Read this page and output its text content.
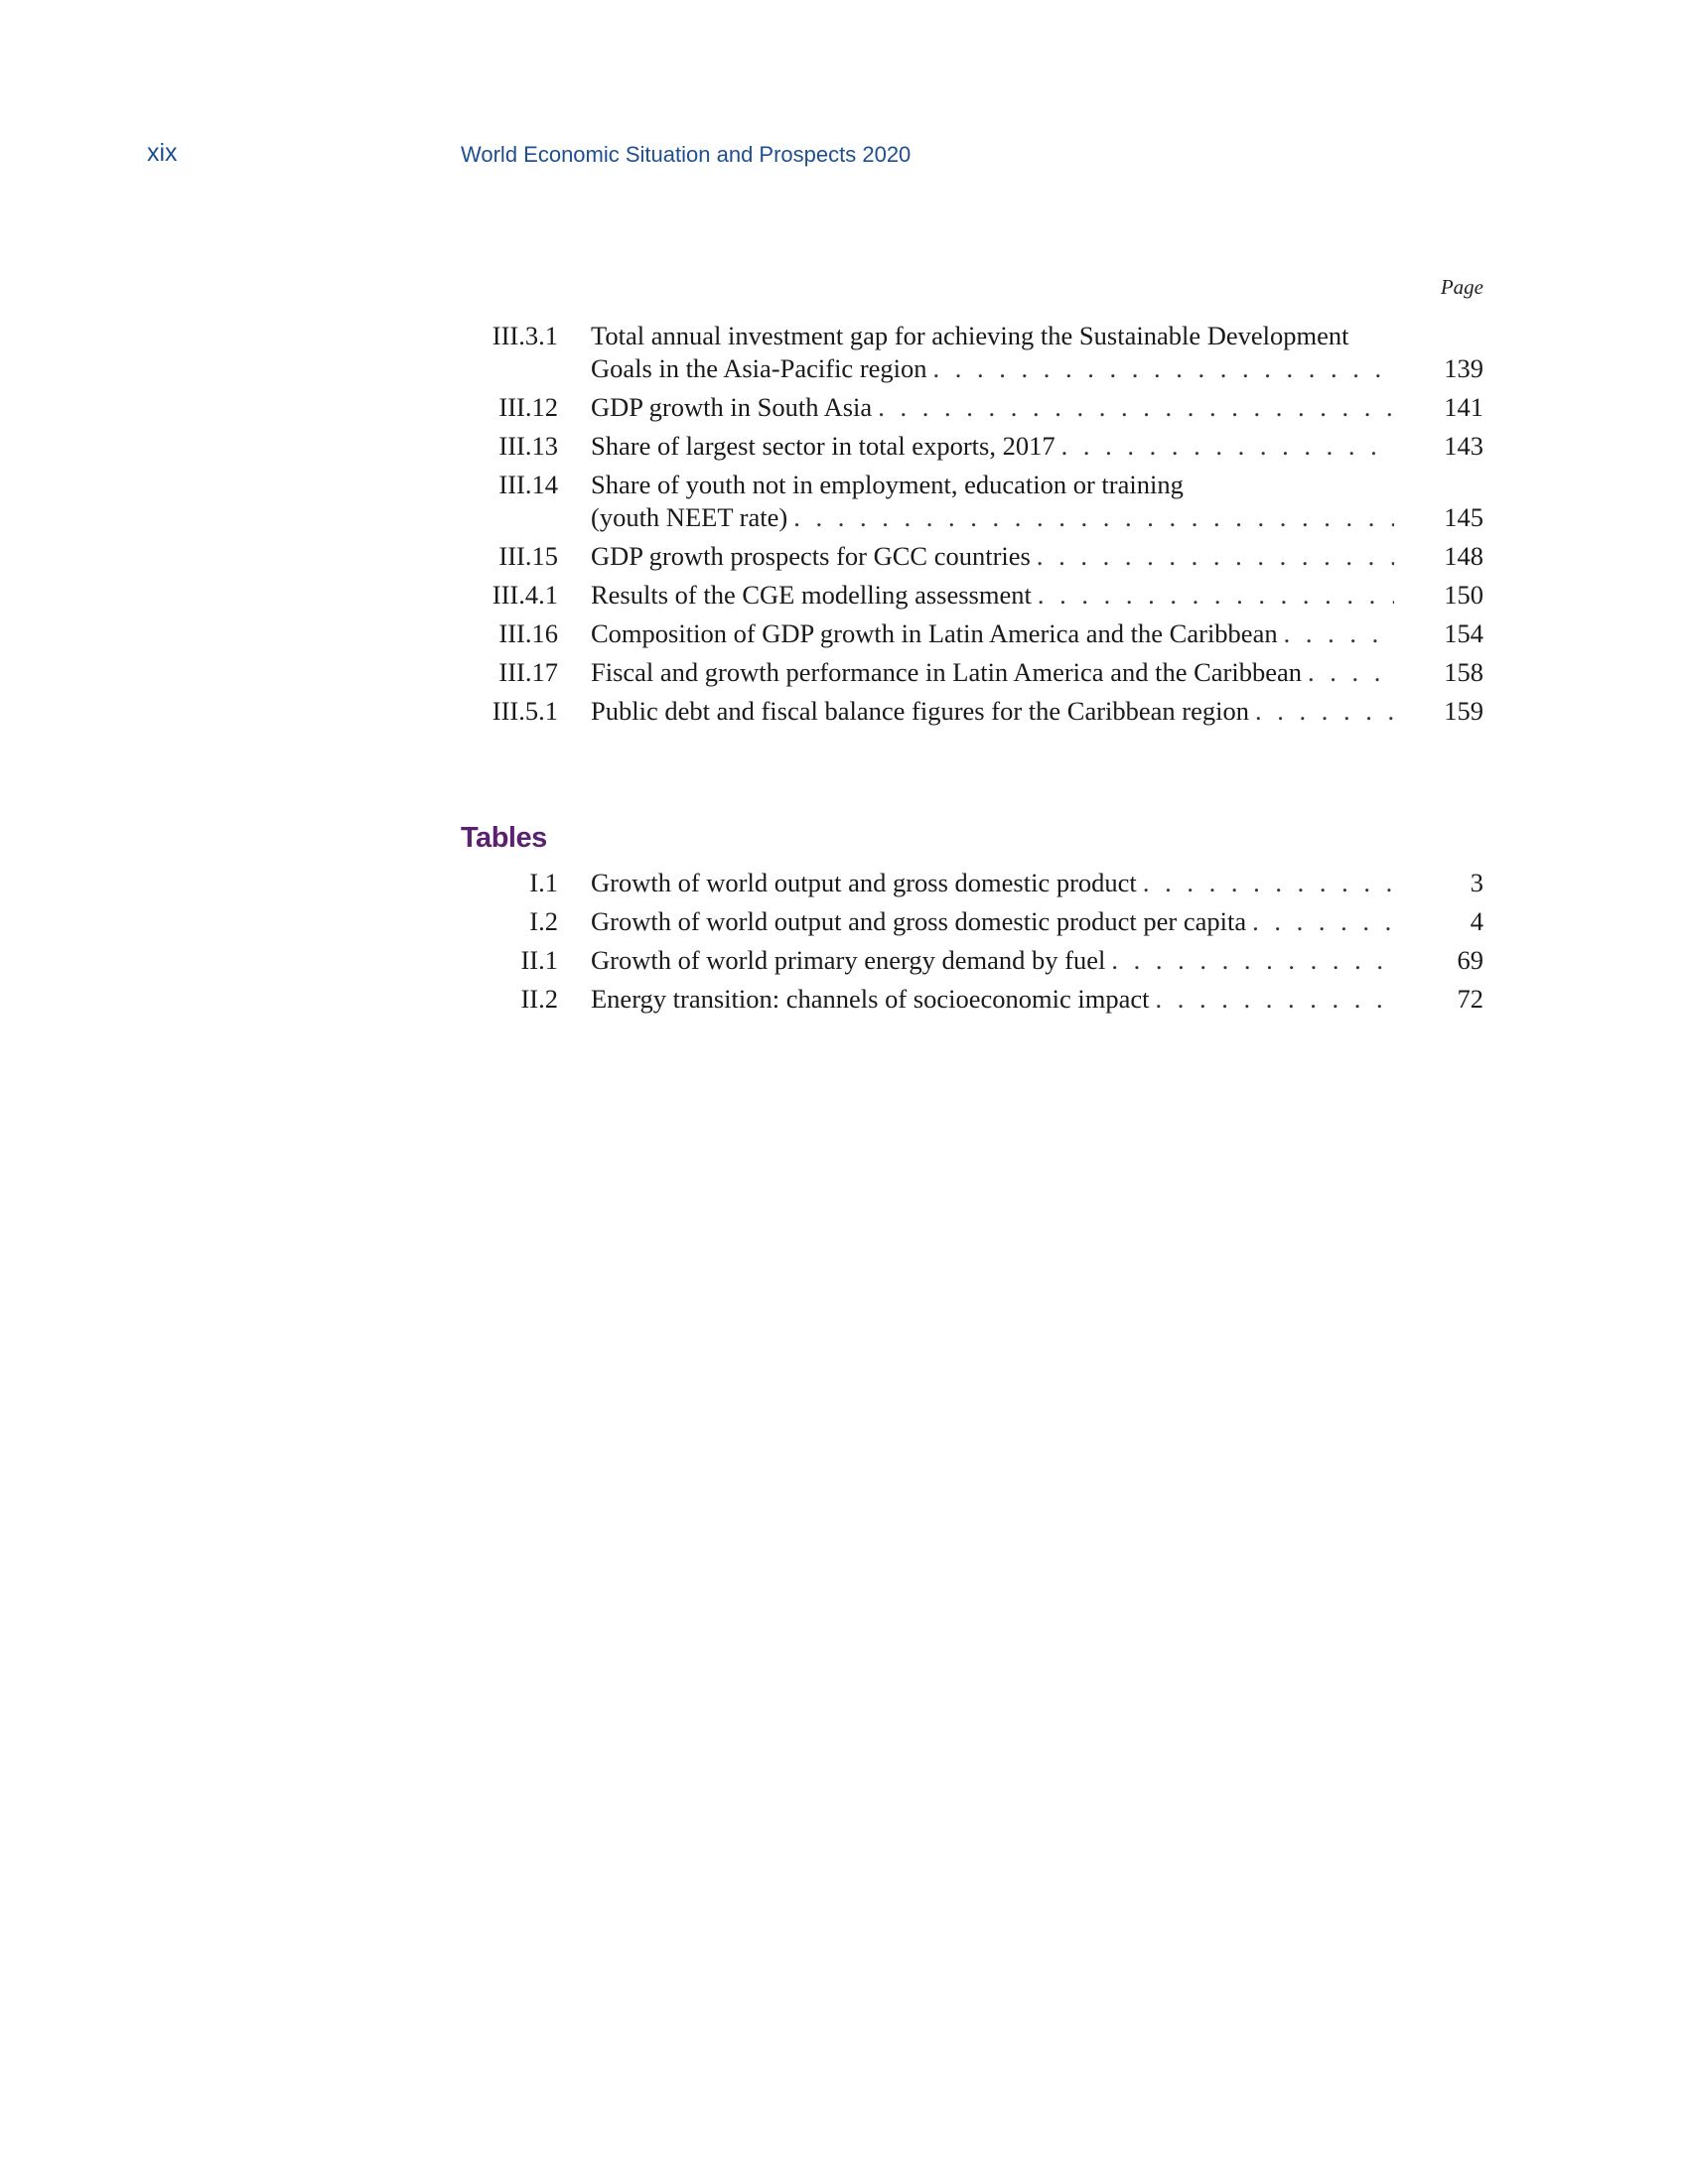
xix	World Economic Situation and Prospects 2020
Page
III.3.1	Total annual investment gap for achieving the Sustainable Development
Goals in the Asia-Pacific region . . .	139
III.12 GDP growth in South Asia . . .	141
III.13 Share of largest sector in total exports, 2017 . . .	143
III.14	Share of youth not in employment, education or training
(youth NEET rate) . . .	145
III.15 GDP growth prospects for GCC countries . . .	148
III.4.1 Results of the CGE modelling assessment . . .	150
III.16 Composition of GDP growth in Latin America and the Caribbean . . .	154
III.17 Fiscal and growth performance in Latin America and the Caribbean . . .	158
III.5.1 Public debt and fiscal balance figures for the Caribbean region . . .	159
Tables
I.1 Growth of world output and gross domestic product . . .	3
I.2 Growth of world output and gross domestic product per capita . . .	4
II.1 Growth of world primary energy demand by fuel . . .	69
II.2 Energy transition: channels of socioeconomic impact . . .	72
